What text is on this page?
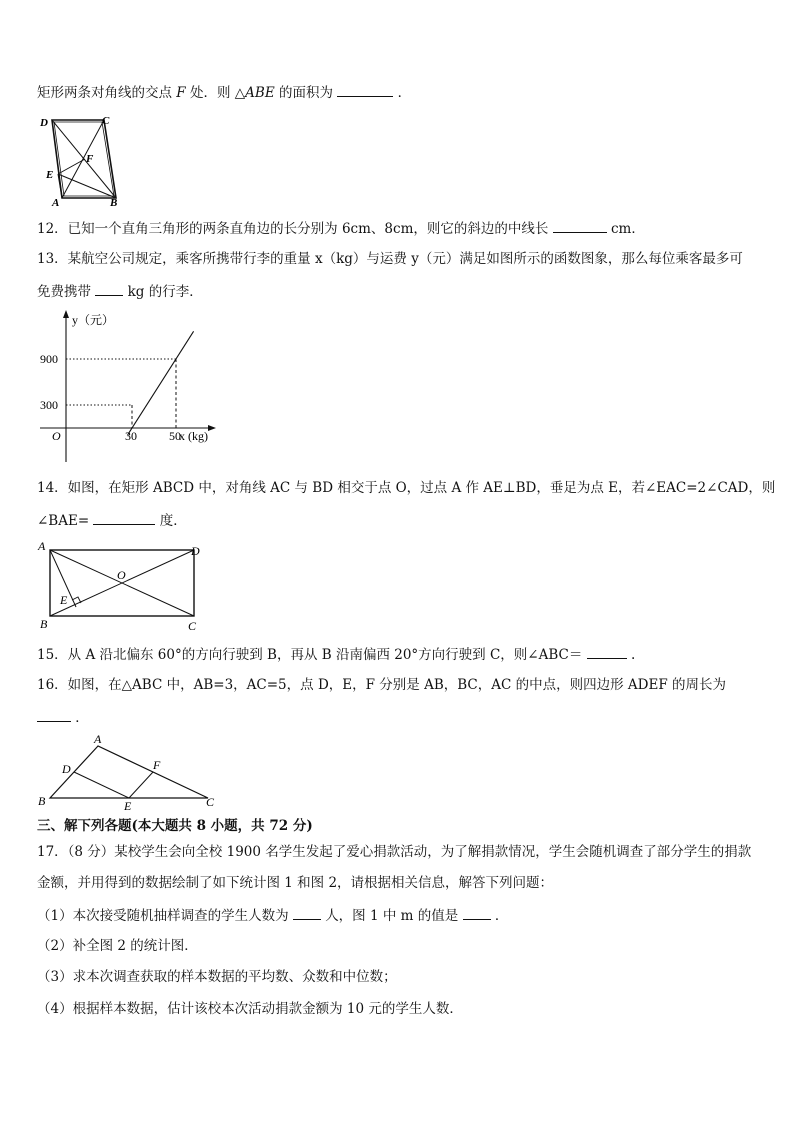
矩形两条对角线的交点 F 处．则 △ABE 的面积为	．
D	C
F
E
A	B
12．已知一个直角三角形的两条直角边的长分别为 6cm、8cm，则它的斜边的中线长	cm．
13．某航空公司规定，乘客所携带行李的重量 x（kg）与运费 y（元）满足如图所示的函数图象，那么每位乘客最多可
免费携带	kg 的行李．
30	50
300
900
y（元）
x (kg)
O
14．如图，在矩形 ABCD 中，对角线 AC 与 BD 相交于点 O，过点 A 作 AE⊥BD，垂足为点 E，若∠EAC=2∠CAD，则
∠BAE=	度．
A	D
O
E
B	C
15．从 A 沿北偏东 60°的方向行驶到 B，再从 B 沿南偏西 20°方向行驶到 C，则∠ABC＝	.
16．如图，在△ABC 中，AB=3，AC=5，点 D，E，F 分别是 AB，BC，AC 的中点，则四边形 ADEF 的周长为
．
A
D	F
B	E	C
三、解下列各题(本大题共 8 小题，共 72 分)
17．（8 分）某校学生会向全校 1900 名学生发起了爱心捐款活动，为了解捐款情况，学生会随机调查了部分学生的捐款
金额，并用得到的数据绘制了如下统计图 1 和图 2，请根据相关信息，解答下列问题：
（1）本次接受随机抽样调查的学生人数为	人，图 1 中 m 的值是	．
（2）补全图 2 的统计图．
（3）求本次调查获取的样本数据的平均数、众数和中位数；
（4）根据样本数据，估计该校本次活动捐款金额为 10 元的学生人数．
